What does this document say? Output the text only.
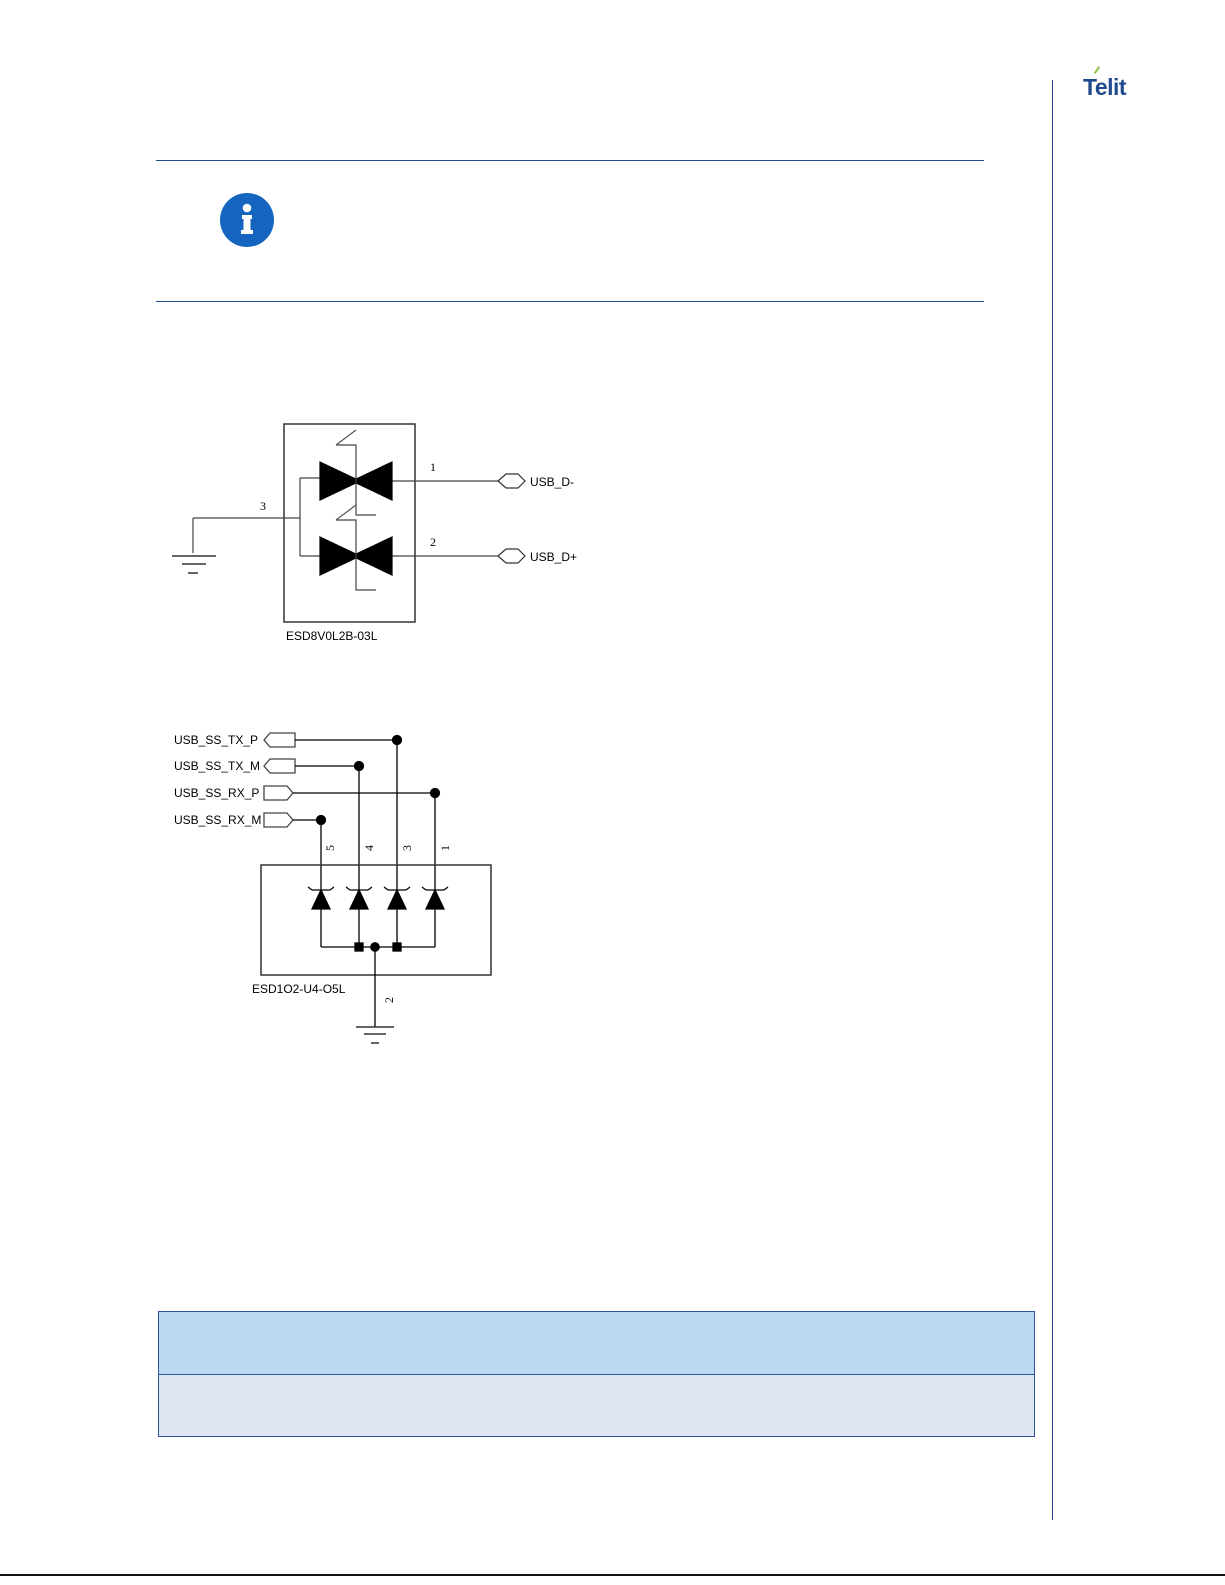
Telit
1
2
3
USB_D-
USB_D+
ESD8V0L2B-03L
USB_SS_TX_P
USB_SS_TX_M
USB_SS_RX_P
USB_SS_RX_M
5 4 3 1
2
ESD1O2-U4-O5L
